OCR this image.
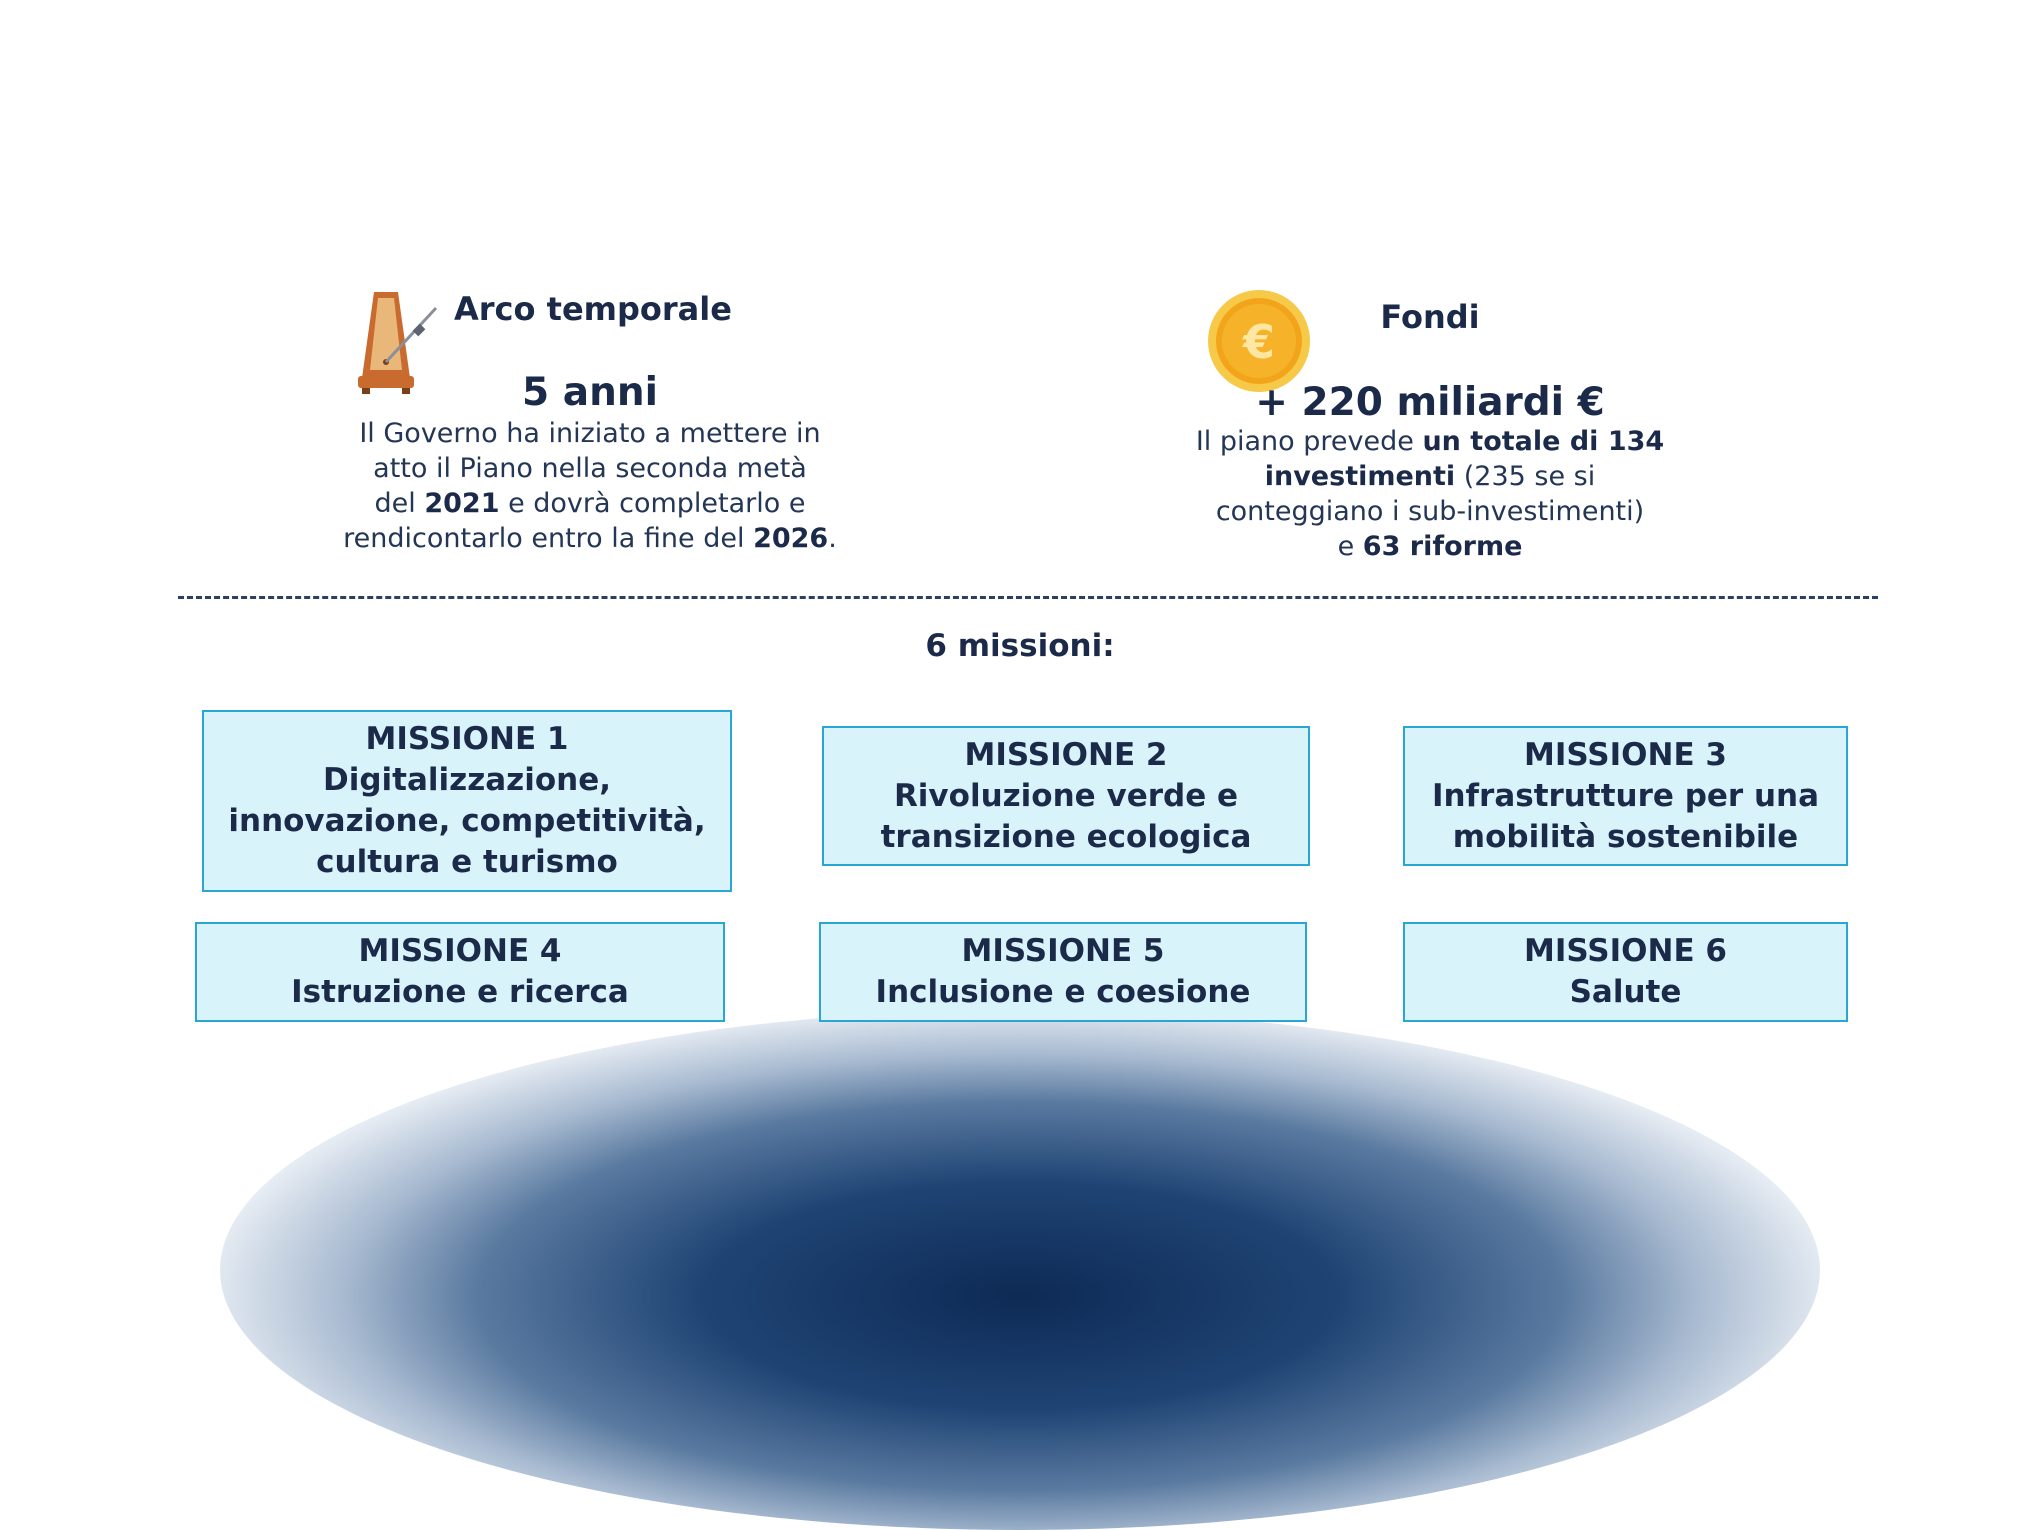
€
Arco temporale
5 anni
Il Governo ha iniziato a mettere in
atto il Piano nella seconda metà
del 2021 e dovrà completarlo e
rendicontarlo entro la fine del 2026.
Fondi
+ 220 miliardi €
Il piano prevede un totale di 134
investimenti (235 se si
conteggiano i sub-investimenti)
e 63 riforme
6 missioni:
MISSIONE 1
Digitalizzazione,
innovazione, competitività,
cultura e turismo
MISSIONE 2
Rivoluzione verde e
transizione ecologica
MISSIONE 3
Infrastrutture per una
mobilità sostenibile
MISSIONE 4
Istruzione e ricerca
MISSIONE 5
Inclusione e coesione
MISSIONE 6
Salute
